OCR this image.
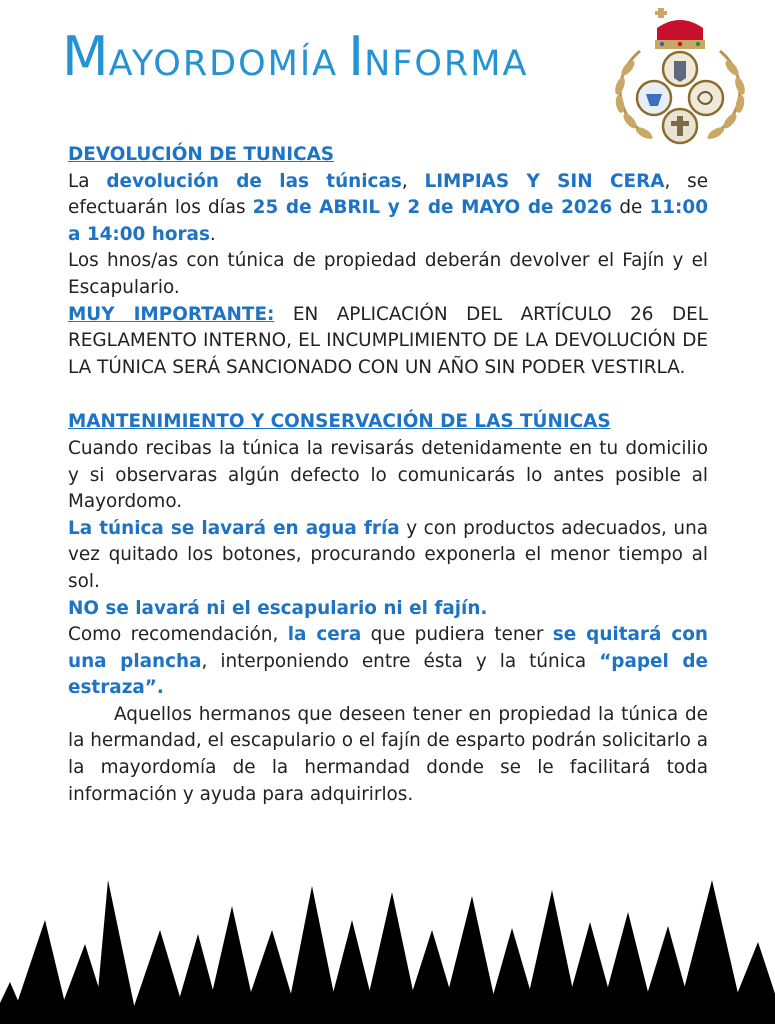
MAYORDOMÍA INFORMA

DEVOLUCIÓN DE TUNICAS

La devolución de las túnicas, LIMPIAS Y SIN CERA, se efectuarán los días 25 de ABRIL y 2 de MAYO de 2026 de 11:00 a 14:00 horas.

Los hnos/as con túnica de propiedad deberán devolver el Fajín y el Escapulario.

MUY IMPORTANTE: EN APLICACIÓN DEL ARTÍCULO 26 DEL REGLAMENTO INTERNO, EL INCUMPLIMIENTO DE LA DEVOLUCIÓN DE LA TÚNICA SERÁ SANCIONADO CON UN AÑO SIN PODER VESTIRLA.

MANTENIMIENTO Y CONSERVACIÓN DE LAS TÚNICAS

Cuando recibas la túnica la revisarás detenidamente en tu domicilio y si observaras algún defecto lo comunicarás lo antes posible al Mayordomo.

La túnica se lavará en agua fría y con productos adecuados, una vez quitado los botones, procurando exponerla el menor tiempo al sol.

NO se lavará ni el escapulario ni el fajín.

Como recomendación, la cera que pudiera tener se quitará con una plancha, interponiendo entre ésta y la túnica “papel de estraza”.

Aquellos hermanos que deseen tener en propiedad la túnica de la hermandad, el escapulario o el fajín de esparto podrán solicitarlo a la mayordomía de la hermandad donde se le facilitará toda información y ayuda para adquirirlos.
